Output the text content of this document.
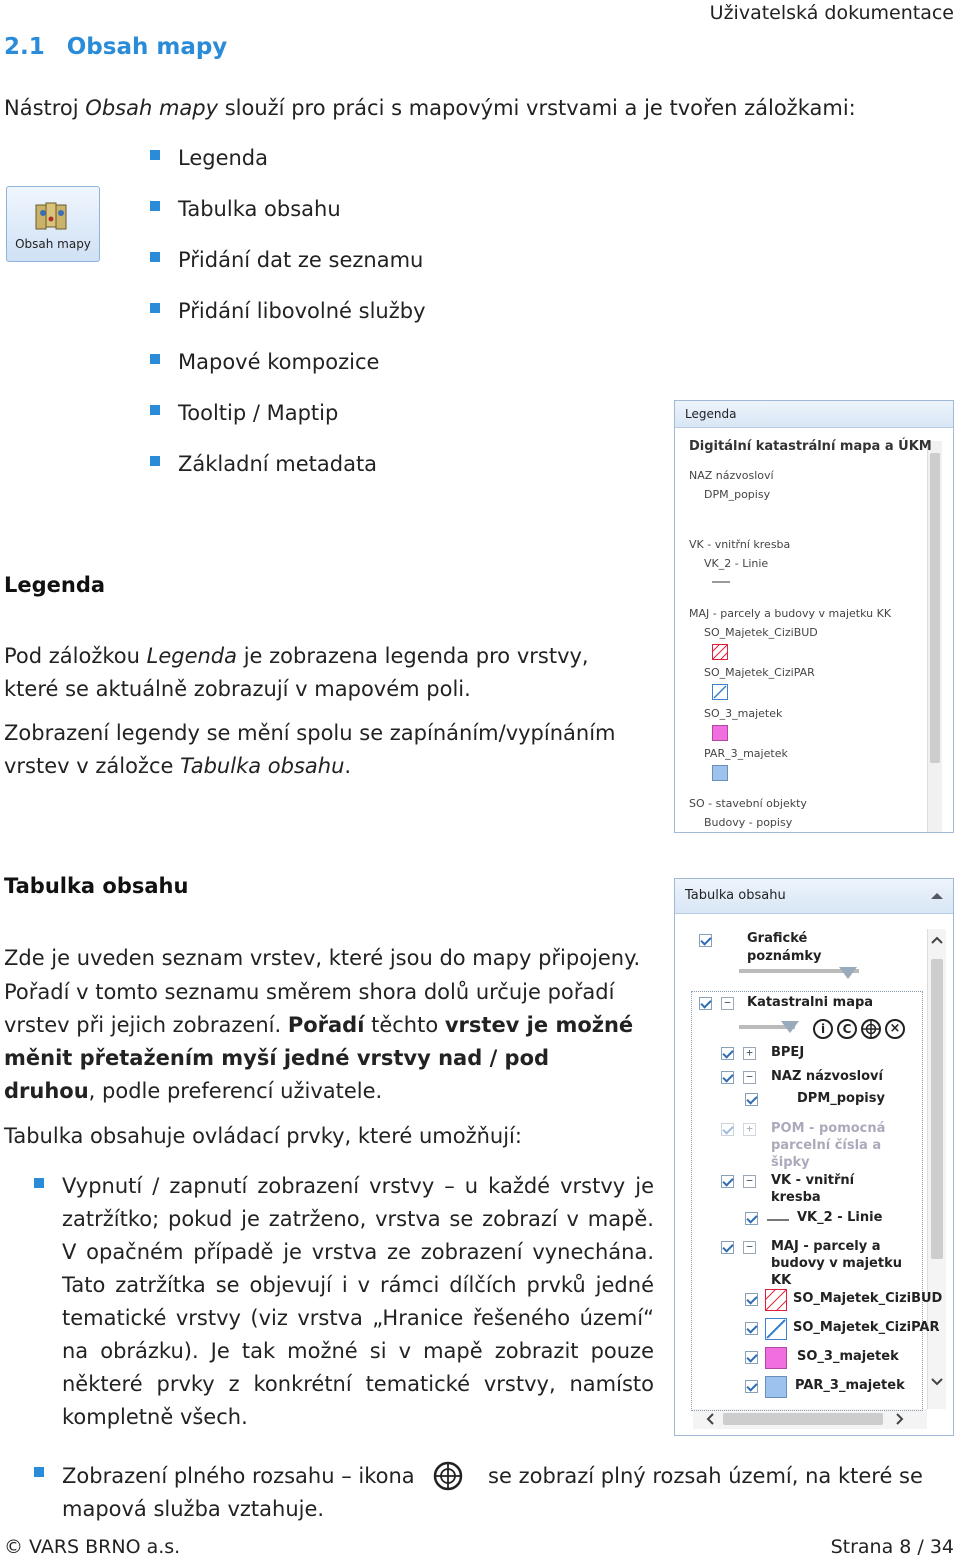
Uživatelská dokumentace
2.1 Obsah mapy
Nástroj Obsah mapy slouží pro práci s mapovými vrstvami a je tvořen záložkami:
Obsah mapy
Legenda
Tabulka obsahu
Přidání dat ze seznamu
Přidání libovolné služby
Mapové kompozice
Tooltip / Maptip
Základní metadata
Legenda
Pod záložkou Legenda je zobrazena legenda pro vrstvy, které se aktuálně zobrazují v mapovém poli.
Zobrazení legendy se mění spolu se zapínáním/vypínáním vrstev v záložce Tabulka obsahu.
Legenda
Digitální katastrální mapa a ÚKM
NAZ názvosloví
DPM_popisy
VK - vnitřní kresba
VK_2 - Linie
MAJ - parcely a budovy v majetku KK
SO_Majetek_CiziBUD
SO_Majetek_CiziPAR
SO_3_majetek
PAR_3_majetek
SO - stavební objekty
Budovy - popisy
Tabulka obsahu
Zde je uveden seznam vrstev, které jsou do mapy připojeny.
Pořadí v tomto seznamu směrem shora dolů určuje pořadí vrstev při jejich zobrazení. Pořadí těchto vrstev je možné měnit přetažením myší jedné vrstvy nad / pod druhou, podle preferencí uživatele.
Tabulka obsahuje ovládací prvky, které umožňují:
Vypnutí / zapnutí zobrazení vrstvy – u každé vrstvy je zatržítko; pokud je zatrženo, vrstva se zobrazí v mapě. V opačném případě je vrstva ze zobrazení vynechána. Tato zatržítka se objevují i v rámci dílčích prvků jedné tematické vrstvy (viz vrstva „Hranice řešeného území“ na obrázku). Je tak možné si v mapě zobrazit pouze některé prvky z konkrétní tematické vrstvy, namísto kompletně všech.
Zobrazení plného rozsahu – ikona	se zobrazí plný rozsah území, na které se mapová služba vztahuje.
Tabulka obsahu
Grafické
poznámky
− Katastralni mapa
i	C	×
+ BPEJ
− NAZ názvosloví
DPM_popisy
+ POM - pomocná
parcelní čísla a
šipky
− VK - vnitřní
kresba
VK_2 - Linie
− MAJ - parcely a
budovy v majetku
KK
SO_Majetek_CiziBUD
SO_Majetek_CiziPAR
SO_3_majetek
PAR_3_majetek
© VARS BRNO a.s.	Strana 8 / 34
